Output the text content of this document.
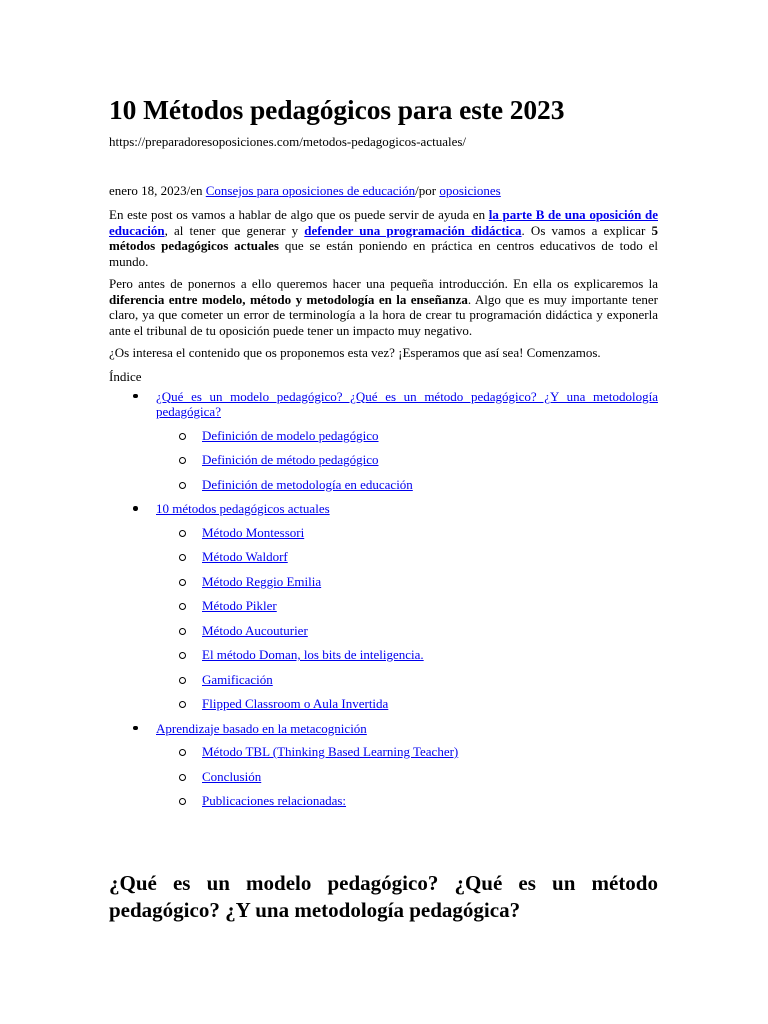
10 Métodos pedagógicos para este 2023
https://preparadoresoposiciones.com/metodos-pedagogicos-actuales/
enero 18, 2023/en Consejos para oposiciones de educación/por oposiciones

En este post os vamos a hablar de algo que os puede servir de ayuda en la parte B de una oposición de educación, al tener que generar y defender una programación didáctica. Os vamos a explicar 5 métodos pedagógicos actuales que se están poniendo en práctica en centros educativos de todo el mundo.

Pero antes de ponernos a ello queremos hacer una pequeña introducción. En ella os explicaremos la diferencia entre modelo, método y metodología en la enseñanza. Algo que es muy importante tener claro, ya que cometer un error de terminología a la hora de crear tu programación didáctica y exponerla ante el tribunal de tu oposición puede tener un impacto muy negativo.

¿Os interesa el contenido que os proponemos esta vez? ¡Esperamos que así sea! Comenzamos.

Índice
¿Qué es un modelo pedagógico? ¿Qué es un método pedagógico? ¿Y una metodología pedagógica?
Definición de modelo pedagógico
Definición de método pedagógico
Definición de metodología en educación
10 métodos pedagógicos actuales
Método Montessori
Método Waldorf
Método Reggio Emilia
Método Pikler
Método Aucouturier
El método Doman, los bits de inteligencia.
Gamificación
Flipped Classroom o Aula Invertida
Aprendizaje basado en la metacognición
Método TBL (Thinking Based Learning Teacher)
Conclusión
Publicaciones relacionadas:
¿Qué es un modelo pedagógico? ¿Qué es un método pedagógico? ¿Y una metodología pedagógica?
